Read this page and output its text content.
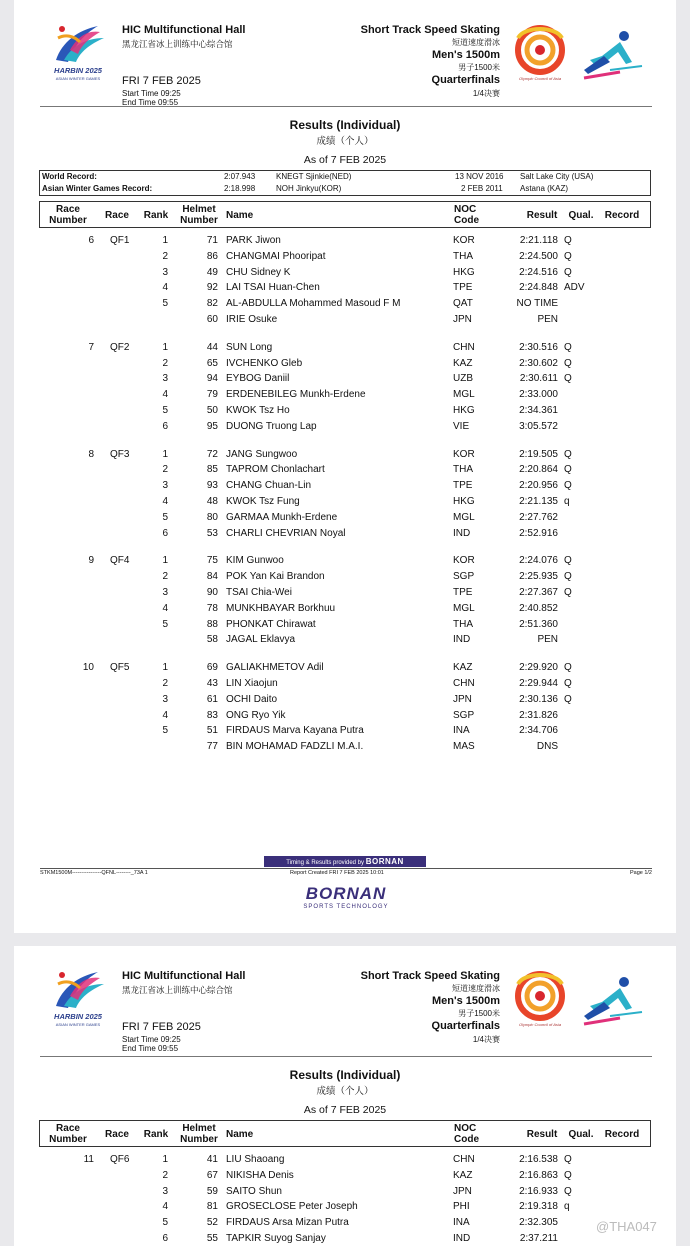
HARBIN 2025
ASIAN WINTER GAMES
HIC Multifunctional Hall
黑龙江省冰上训练中心综合馆
FRI 7 FEB 2025
Start Time 09:25
End Time 09:55
Short Track Speed Skating
短道速度滑冰
Men's 1500m
男子1500米
Quarterfinals
1/4决赛
Olympic Council of Asia
Results (Individual)
成绩（个人）
As of 7 FEB 2025
World Record:	2:07.943	KNEGT Sjinkie(NED)	13 NOV 2016 Salt Lake City (USA)
Asian Winter Games Record:	2:18.998	NOH Jinkyu(KOR)	2 FEB 2011 Astana (KAZ)
Race
Number	Race	Rank
Helmet
Number Name
NOC
Code	Result	Qual.	Record
6 QF1	1	71 PARK Jiwon	KOR	2:21.118 Q
2	86 CHANGMAI Phooripat	THA	2:24.500 Q
3	49 CHU Sidney K	HKG	2:24.516 Q
4	92 LAI TSAI Huan-Chen	TPE	2:24.848 ADV
5	82 AL-ABDULLA Mohammed Masoud F M	QAT	NO TIME
60 IRIE Osuke	JPN	PEN
7 QF2	1	44 SUN Long	CHN	2:30.516 Q
2	65 IVCHENKO Gleb	KAZ	2:30.602 Q
3	94 EYBOG Daniil	UZB	2:30.611 Q
4	79 ERDENEBILEG Munkh-Erdene	MGL	2:33.000
5	50 KWOK Tsz Ho	HKG	2:34.361
6	95 DUONG Truong Lap	VIE	3:05.572
8 QF3	1	72 JANG Sungwoo	KOR	2:19.505 Q
2	85 TAPROM Chonlachart	THA	2:20.864 Q
3	93 CHANG Chuan-Lin	TPE	2:20.956 Q
4	48 KWOK Tsz Fung	HKG	2:21.135 q
5	80 GARMAA Munkh-Erdene	MGL	2:27.762
6	53 CHARLI CHEVRIAN Noyal	IND	2:52.916
9 QF4	1	75 KIM Gunwoo	KOR	2:24.076 Q
2	84 POK Yan Kai Brandon	SGP	2:25.935 Q
3	90 TSAI Chia-Wei	TPE	2:27.367 Q
4	78 MUNKHBAYAR Borkhuu	MGL	2:40.852
5	88 PHONKAT Chirawat	THA	2:51.360
58 JAGAL Eklavya	IND	PEN
10 QF5	1	69 GALIAKHMETOV Adil	KAZ	2:29.920 Q
2	43 LIN Xiaojun	CHN	2:29.944 Q
3	61 OCHI Daito	JPN	2:30.136 Q
4	83 ONG Ryo Yik	SGP	2:31.826
5	51 FIRDAUS Marva Kayana Putra	INA	2:34.706
77 BIN MOHAMAD FADZLI M.A.I.	MAS	DNS
Timing & Results provided by BORNAN
STKM1500M----------------QFNL--------_73A 1	Report Created FRI 7 FEB 2025 10:01	Page 1/2
BORNAN
SPORTS TECHNOLOGY
HARBIN 2025
ASIAN WINTER GAMES
HIC Multifunctional Hall
黑龙江省冰上训练中心综合馆
FRI 7 FEB 2025
Start Time 09:25
End Time 09:55
Short Track Speed Skating
短道速度滑冰
Men's 1500m
男子1500米
Quarterfinals
1/4决赛
Olympic Council of Asia
Results (Individual)
成绩（个人）
As of 7 FEB 2025
Race
Number	Race	Rank
Helmet
Number Name
NOC
Code	Result	Qual.	Record
11 QF6	1	41 LIU Shaoang	CHN	2:16.538 Q
2	67 NIKISHA Denis	KAZ	2:16.863 Q
3	59 SAITO Shun	JPN	2:16.933 Q
4	81 GROSECLOSE Peter Joseph	PHI	2:19.318 q
5	52 FIRDAUS Arsa Mizan Putra	INA	2:32.305
6	55 TAPKIR Suyog Sanjay	IND	2:37.211
@THA047
